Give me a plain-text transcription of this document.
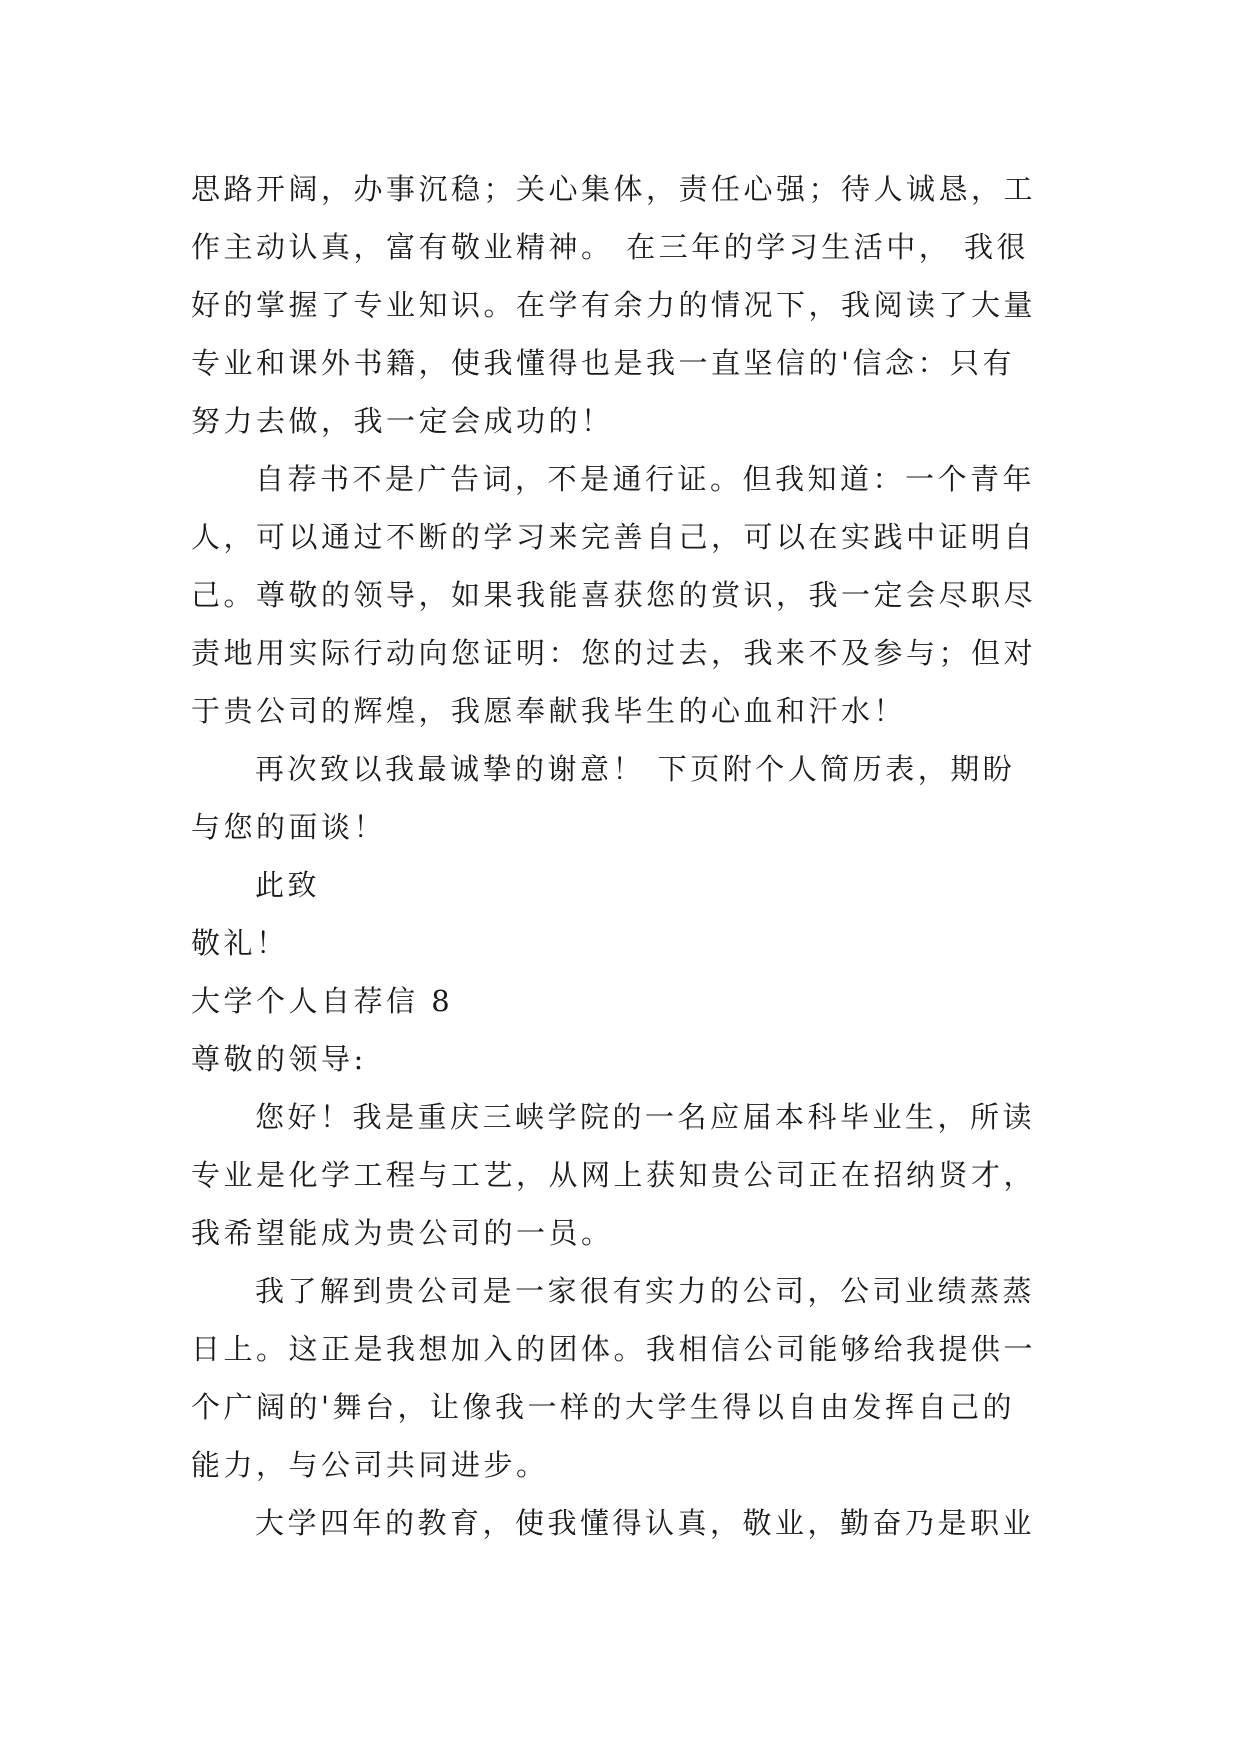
思路开阔，办事沉稳；关心集体，责任心强；待人诚恳，工
作主动认真，富有敬业精神。 在三年的学习生活中， 我很
好的掌握了专业知识。在学有余力的情况下，我阅读了大量
专业和课外书籍，使我懂得也是我一直坚信的'信念：只有
努力去做，我一定会成功的！
自荐书不是广告词，不是通行证。但我知道：一个青年
人，可以通过不断的学习来完善自己，可以在实践中证明自
己。尊敬的领导，如果我能喜获您的赏识，我一定会尽职尽
责地用实际行动向您证明：您的过去，我来不及参与；但对
于贵公司的辉煌，我愿奉献我毕生的心血和汗水！
再次致以我最诚挚的谢意！ 下页附个人简历表，期盼
与您的面谈！
此致
敬礼！
大学个人自荐信 8
尊敬的领导:
您好！我是重庆三峡学院的一名应届本科毕业生，所读
专业是化学工程与工艺，从网上获知贵公司正在招纳贤才，
我希望能成为贵公司的一员。
我了解到贵公司是一家很有实力的公司，公司业绩蒸蒸
日上。这正是我想加入的团体。我相信公司能够给我提供一
个广阔的'舞台，让像我一样的大学生得以自由发挥自己的
能力，与公司共同进步。
大学四年的教育，使我懂得认真，敬业，勤奋乃是职业
